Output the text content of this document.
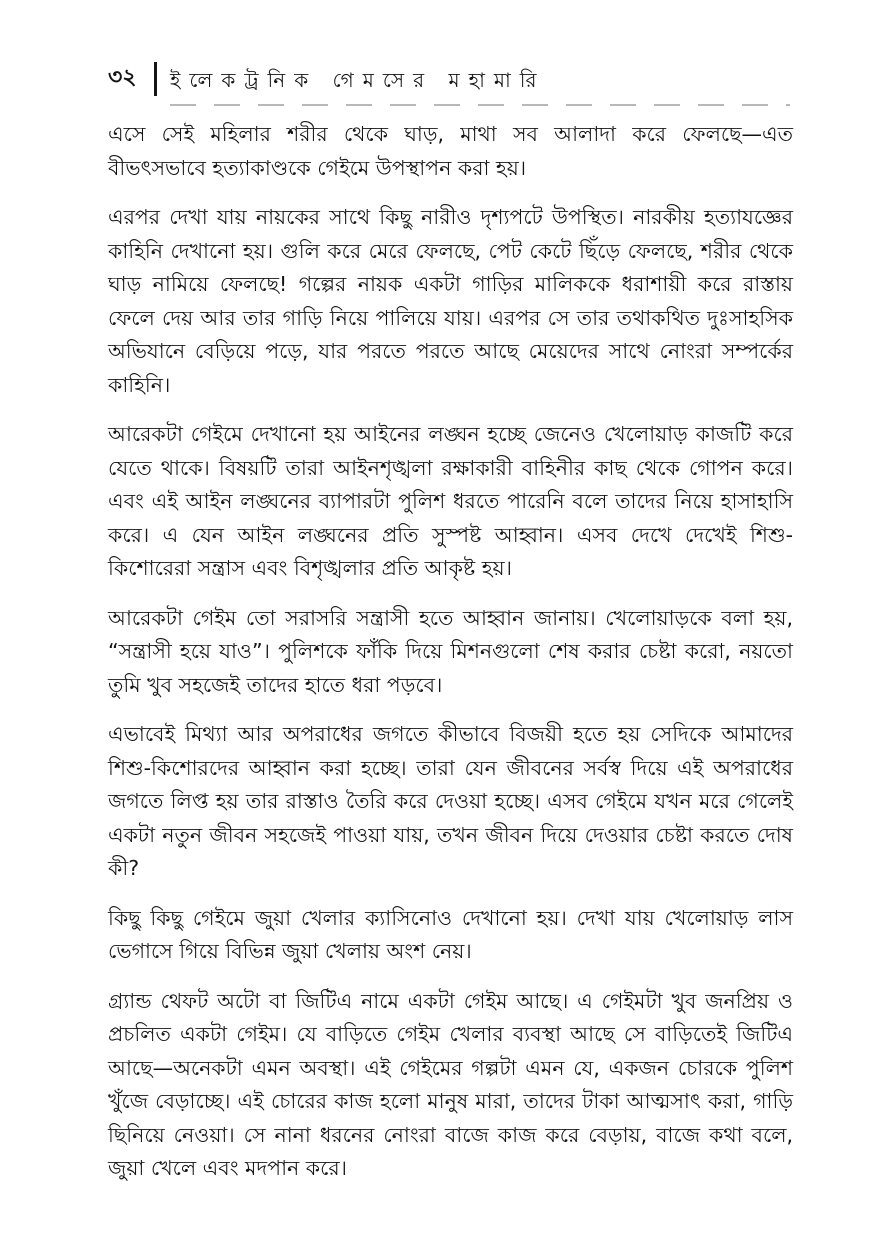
৩২ ইলেকট্রনিক গেমসের মহামারি

এসে সেই মহিলার শরীর থেকে ঘাড়, মাথা সব আলাদা করে ফেলছে—এত বীভৎসভাবে হত্যাকাণ্ডকে গেইমে উপস্থাপন করা হয়।

এরপর দেখা যায় নায়কের সাথে কিছু নারীও দৃশ্যপটে উপস্থিত। নারকীয় হত্যাযজ্ঞের কাহিনি দেখানো হয়। গুলি করে মেরে ফেলছে, পেট কেটে ছিঁড়ে ফেলছে, শরীর থেকে ঘাড় নামিয়ে ফেলছে! গল্পের নায়ক একটা গাড়ির মালিককে ধরাশায়ী করে রাস্তায় ফেলে দেয় আর তার গাড়ি নিয়ে পালিয়ে যায়। এরপর সে তার তথাকথিত দুঃসাহসিক অভিযানে বেড়িয়ে পড়ে, যার পরতে পরতে আছে মেয়েদের সাথে নোংরা সম্পর্কের কাহিনি।

আরেকটা গেইমে দেখানো হয় আইনের লঙ্ঘন হচ্ছে জেনেও খেলোয়াড় কাজটি করে যেতে থাকে। বিষয়টি তারা আইনশৃঙ্খলা রক্ষাকারী বাহিনীর কাছ থেকে গোপন করে। এবং এই আইন লঙ্ঘনের ব্যাপারটা পুলিশ ধরতে পারেনি বলে তাদের নিয়ে হাসাহাসি করে। এ যেন আইন লঙ্ঘনের প্রতি সুস্পষ্ট আহ্বান। এসব দেখে দেখেই শিশু-কিশোরেরা সন্ত্রাস এবং বিশৃঙ্খলার প্রতি আকৃষ্ট হয়।

আরেকটা গেইম তো সরাসরি সন্ত্রাসী হতে আহ্বান জানায়। খেলোয়াড়কে বলা হয়, “সন্ত্রাসী হয়ে যাও”। পুলিশকে ফাঁকি দিয়ে মিশনগুলো শেষ করার চেষ্টা করো, নয়তো তুমি খুব সহজেই তাদের হাতে ধরা পড়বে।

এভাবেই মিথ্যা আর অপরাধের জগতে কীভাবে বিজয়ী হতে হয় সেদিকে আমাদের শিশু-কিশোরদের আহ্বান করা হচ্ছে। তারা যেন জীবনের সর্বস্ব দিয়ে এই অপরাধের জগতে লিপ্ত হয় তার রাস্তাও তৈরি করে দেওয়া হচ্ছে। এসব গেইমে যখন মরে গেলেই একটা নতুন জীবন সহজেই পাওয়া যায়, তখন জীবন দিয়ে দেওয়ার চেষ্টা করতে দোষ কী?

কিছু কিছু গেইমে জুয়া খেলার ক্যাসিনোও দেখানো হয়। দেখা যায় খেলোয়াড় লাস ভেগাসে গিয়ে বিভিন্ন জুয়া খেলায় অংশ নেয়।

গ্র্যান্ড থেফট অটো বা জিটিএ নামে একটা গেইম আছে। এ গেইমটা খুব জনপ্রিয় ও প্রচলিত একটা গেইম। যে বাড়িতে গেইম খেলার ব্যবস্থা আছে সে বাড়িতেই জিটিএ আছে—অনেকটা এমন অবস্থা। এই গেইমের গল্পটা এমন যে, একজন চোরকে পুলিশ খুঁজে বেড়াচ্ছে। এই চোরের কাজ হলো মানুষ মারা, তাদের টাকা আত্মসাৎ করা, গাড়ি ছিনিয়ে নেওয়া। সে নানা ধরনের নোংরা বাজে কাজ করে বেড়ায়, বাজে কথা বলে, জুয়া খেলে এবং মদপান করে।
